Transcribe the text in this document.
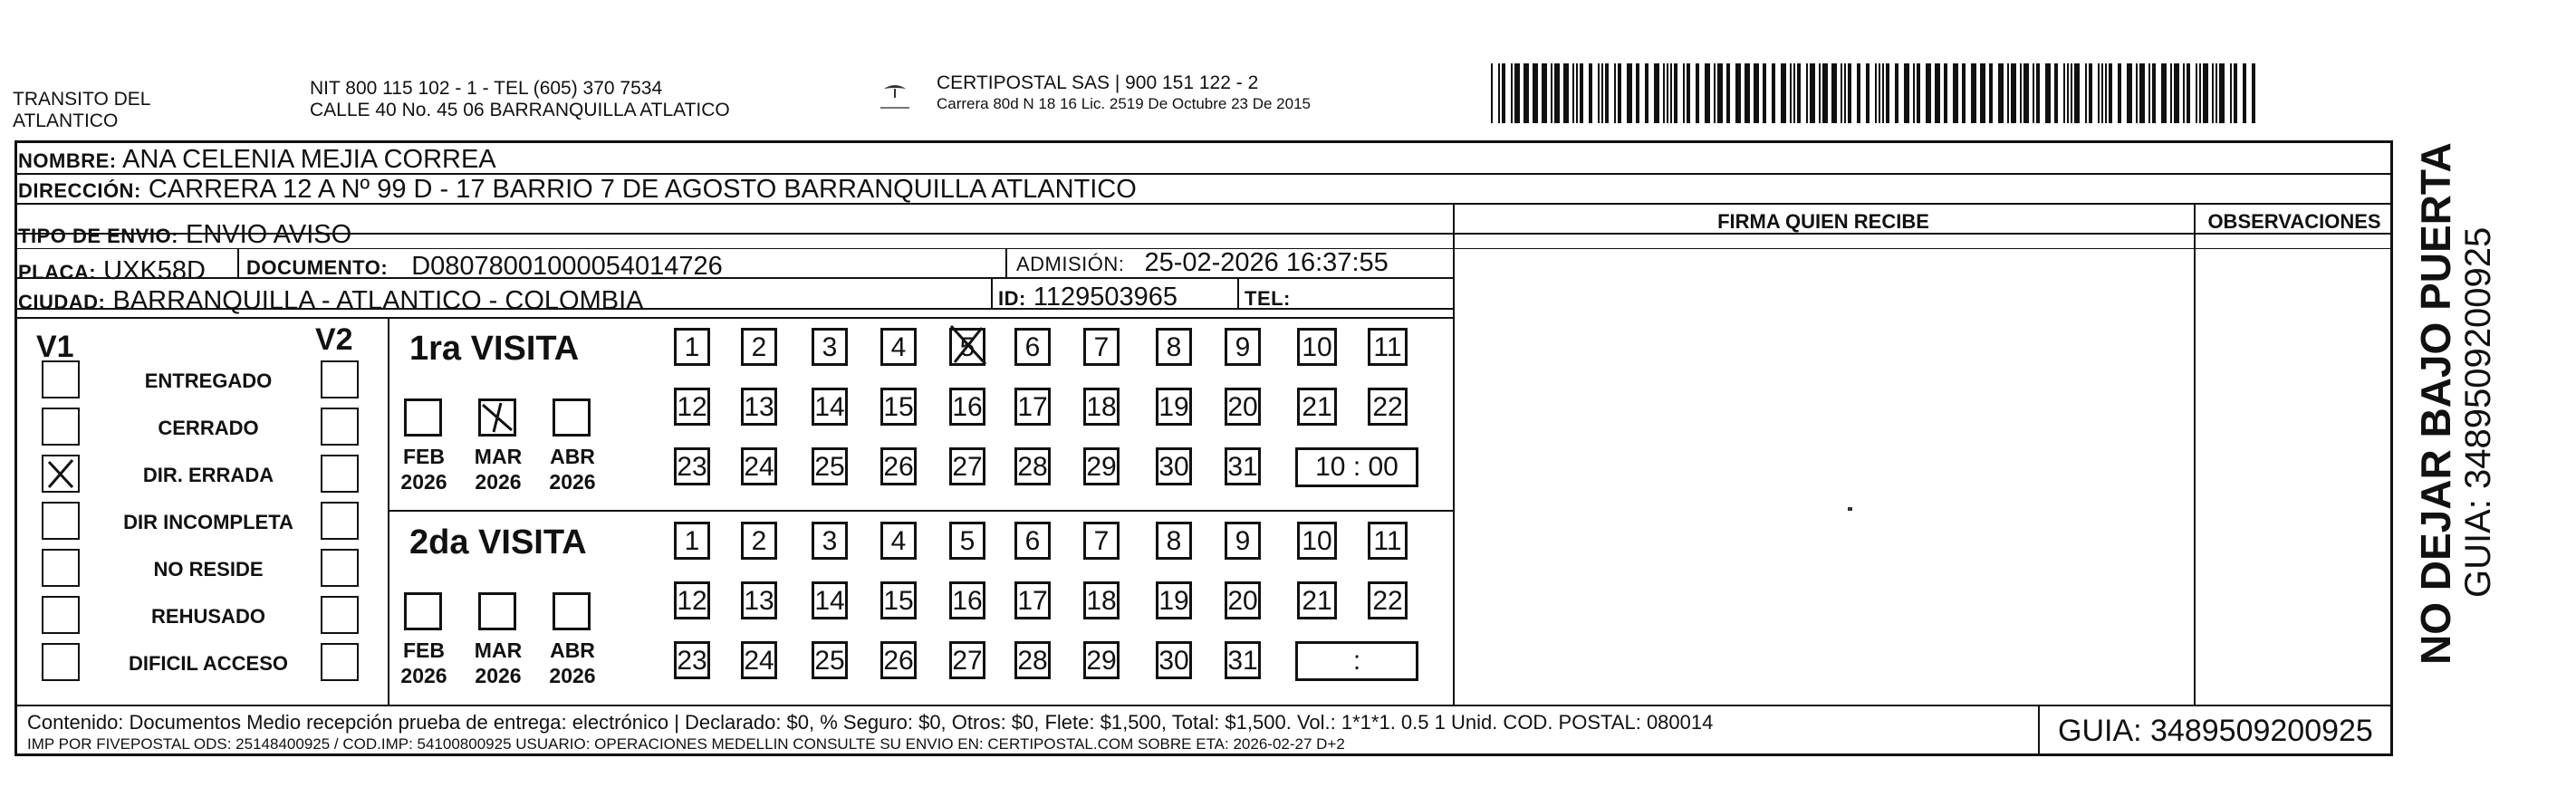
TRANSITO DEL
ATLANTICO
NIT 800 115 102 - 1 - TEL (605) 370 7534
CALLE 40 No. 45 06 BARRANQUILLA ATLATICO
CERTIPOSTAL SAS | 900 151 122 - 2
Carrera 80d N 18 16 Lic. 2519 De Octubre 23 De 2015
NOMBRE: ANA CELENIA MEJIA CORREA
DIRECCIÓN: CARRERA 12 A Nº 99 D - 17 BARRIO 7 DE AGOSTO BARRANQUILLA ATLANTICO
TIPO DE ENVIO: ENVIO AVISO
PLACA: UXK58D DOCUMENTO: D08078001000054014726	ADMISIÓN: 25-02-2026 16:37:55
CIUDAD: BARRANQUILLA - ATLANTICO - COLOMBIA	ID: 1129503965	TEL:
FIRMA QUIEN RECIBE	OBSERVACIONES
V1	V2
ENTREGADO
CERRADO
DIR. ERRADA
DIR INCOMPLETA
NO RESIDE
REHUSADO
DIFICIL ACCESO
1ra VISITA
FEB
2026
MAR
2026
ABR
2026
1	2	3	4	5	6	7	8	9	10 11
12 13 14 15 16 17 18 19 20 21 22
23 24 25 26 27 28 29 30 31	10 : 00
2da VISITA
FEB
2026
MAR
2026
ABR
2026
1	2	3	4	5	6	7	8	9	10 11
12 13 14 15 16 17 18 19 20 21 22
23 24 25 26 27 28 29 30 31	:
Contenido: Documentos Medio recepción prueba de entrega: electrónico | Declarado: $0, % Seguro: $0, Otros: $0, Flete: $1,500, Total: $1,500. Vol.: 1*1*1. 0.5 1 Unid. COD. POSTAL: 080014
IMP POR FIVEPOSTAL ODS: 25148400925 / COD.IMP: 54100800925 USUARIO: OPERACIONES MEDELLIN CONSULTE SU ENVIO EN: CERTIPOSTAL.COM SOBRE ETA: 2026-02-27 D+2	GUIA: 3489509200925
NO DEJAR BAJO PUERTA GUIA: 3489509200925
